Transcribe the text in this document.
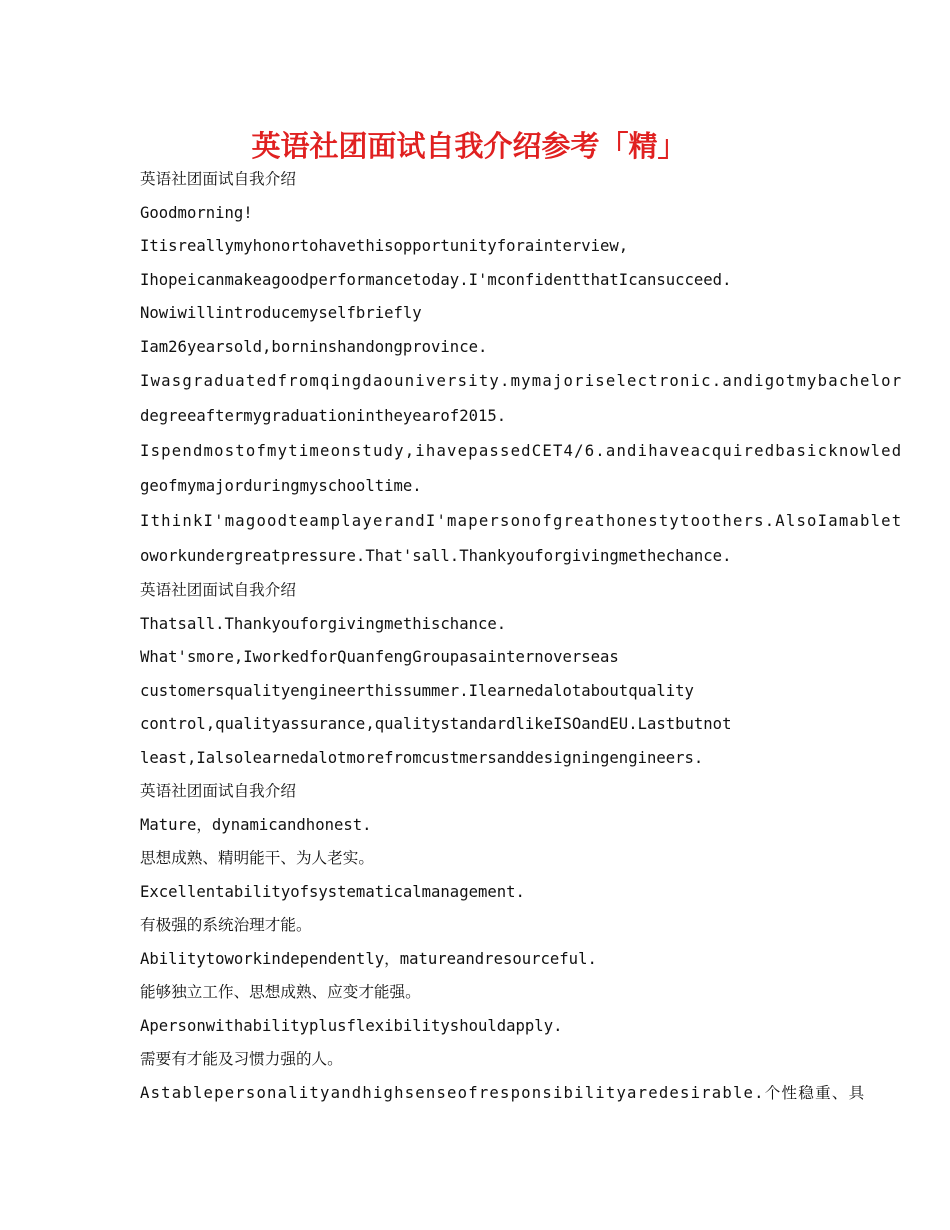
英语社团面试自我介绍参考「精」
英语社团面试自我介绍
Goodmorning!
Itisreallymyhonortohavethisopportunityforainterview,
Ihopeicanmakeagoodperformancetoday.I'mconfidentthatIcansucceed.
Nowiwillintroducemyselfbriefly
Iam26yearsold,borninshandongprovince.
Iwasgraduatedfromqingdaouniversity.mymajoriselectronic.andigotmybachelor
degreeaftermygraduationintheyearof2015.
Ispendmostofmytimeonstudy,ihavepassedCET4/6.andihaveacquiredbasicknowled
geofmymajorduringmyschooltime.
IthinkI'magoodteamplayerandI'mapersonofgreathonestytoothers.AlsoIamablet
oworkundergreatpressure.That'sall.Thankyouforgivingmethechance.
英语社团面试自我介绍
Thatsall.Thankyouforgivingmethischance.
What'smore,IworkedforQuanfengGroupasainternoverseas
customersqualityengineerthissummer.Ilearnedalotaboutquality
control,qualityassurance,qualitystandardlikeISOandEU.Lastbutnot
least,Ialsolearnedalotmorefromcustmersanddesigningengineers.
英语社团面试自我介绍
Mature，dynamicandhonest.
思想成熟、精明能干、为人老实。
Excellentabilityofsystematicalmanagement.
有极强的系统治理才能。
Abilitytoworkindependently，matureandresourceful.
能够独立工作、思想成熟、应变才能强。
Apersonwithabilityplusflexibilityshouldapply.
需要有才能及习惯力强的人。
Astablepersonalityandhighsenseofresponsibilityaredesirable.个性稳重、具
